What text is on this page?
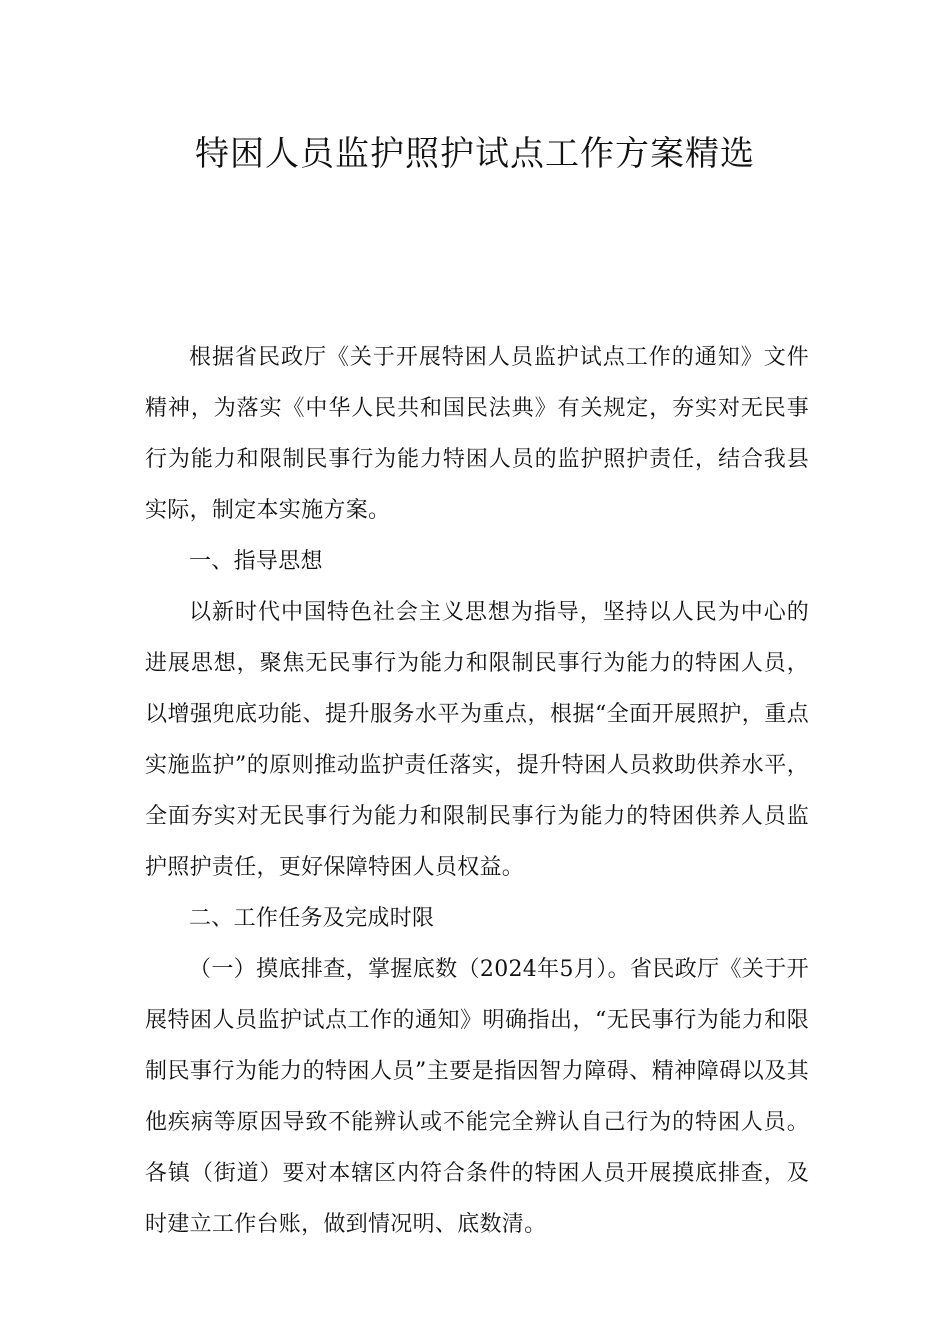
特困人员监护照护试点工作方案精选

根据省民政厅《关于开展特困人员监护试点工作的通知》文件精神，为落实《中华人民共和国民法典》有关规定，夯实对无民事行为能力和限制民事行为能力特困人员的监护照护责任，结合我县实际，制定本实施方案。

一、指导思想

以新时代中国特色社会主义思想为指导，坚持以人民为中心的进展思想，聚焦无民事行为能力和限制民事行为能力的特困人员，以增强兜底功能、提升服务水平为重点，根据“全面开展照护，重点实施监护”的原则推动监护责任落实，提升特困人员救助供养水平，全面夯实对无民事行为能力和限制民事行为能力的特困供养人员监护照护责任，更好保障特困人员权益。

二、工作任务及完成时限

（一）摸底排查，掌握底数（2024年5月）。省民政厅《关于开展特困人员监护试点工作的通知》明确指出，“无民事行为能力和限制民事行为能力的特困人员”主要是指因智力障碍、精神障碍以及其他疾病等原因导致不能辨认或不能完全辨认自己行为的特困人员。各镇（街道）要对本辖区内符合条件的特困人员开展摸底排查，及时建立工作台账，做到情况明、底数清。
